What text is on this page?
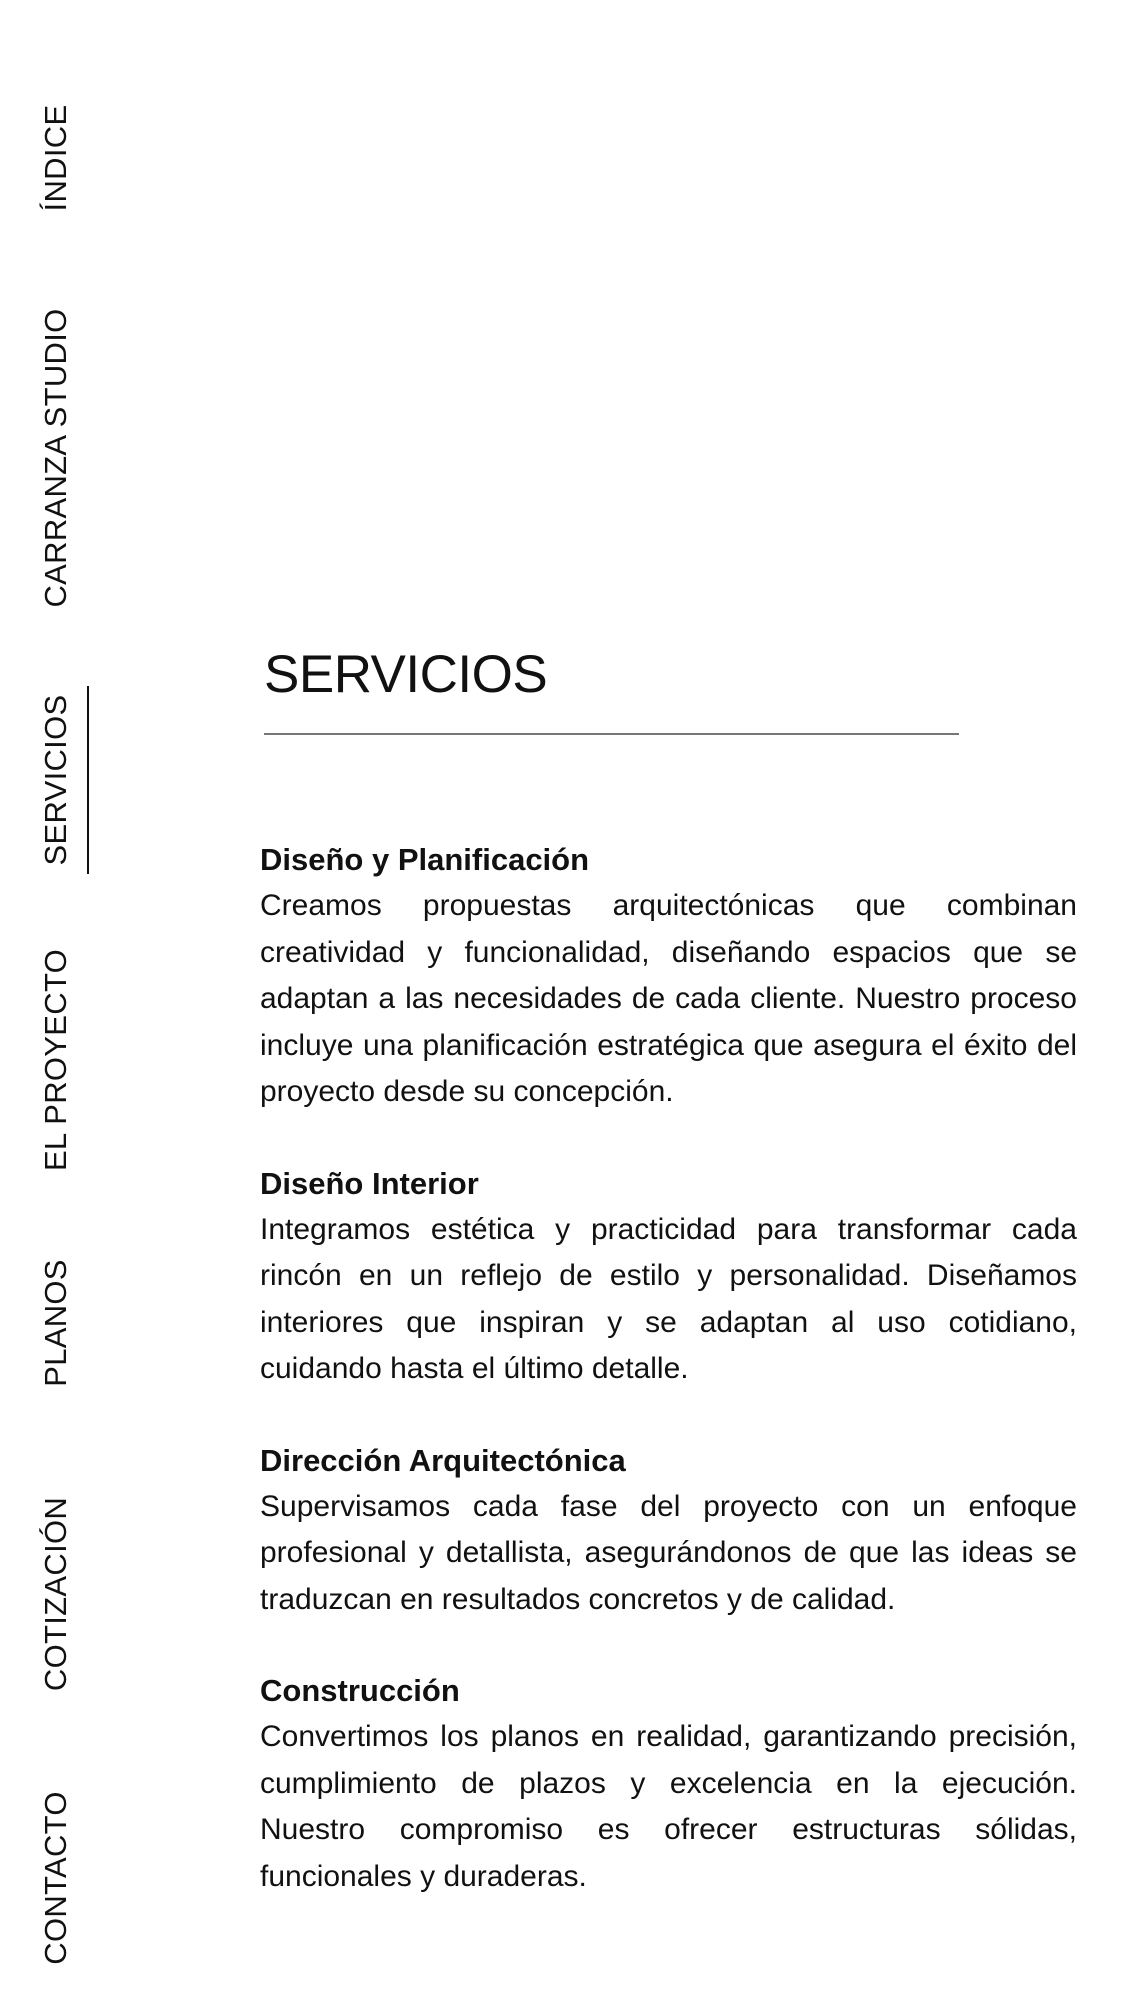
ÍNDICE
CARRANZA STUDIO
SERVICIOS
EL PROYECTO
PLANOS
COTIZACIÓN
CONTACTO
SERVICIOS
Diseño y Planificación

Creamos propuestas arquitectónicas que combinan creatividad y funcionalidad, diseñando espacios que se adaptan a las necesidades de cada cliente. Nuestro proceso incluye una planificación estratégica que asegura el éxito del proyecto desde su concepción.

Diseño Interior

Integramos estética y practicidad para transformar cada rincón en un reflejo de estilo y personalidad. Diseñamos interiores que inspiran y se adaptan al uso cotidiano, cuidando hasta el último detalle.

Dirección Arquitectónica

Supervisamos cada fase del proyecto con un enfoque profesional y detallista, asegurándonos de que las ideas se traduzcan en resultados concretos y de calidad.

Construcción

Convertimos los planos en realidad, garantizando precisión, cumplimiento de plazos y excelencia en la ejecución. Nuestro compromiso es ofrecer estructuras sólidas, funcionales y duraderas.
